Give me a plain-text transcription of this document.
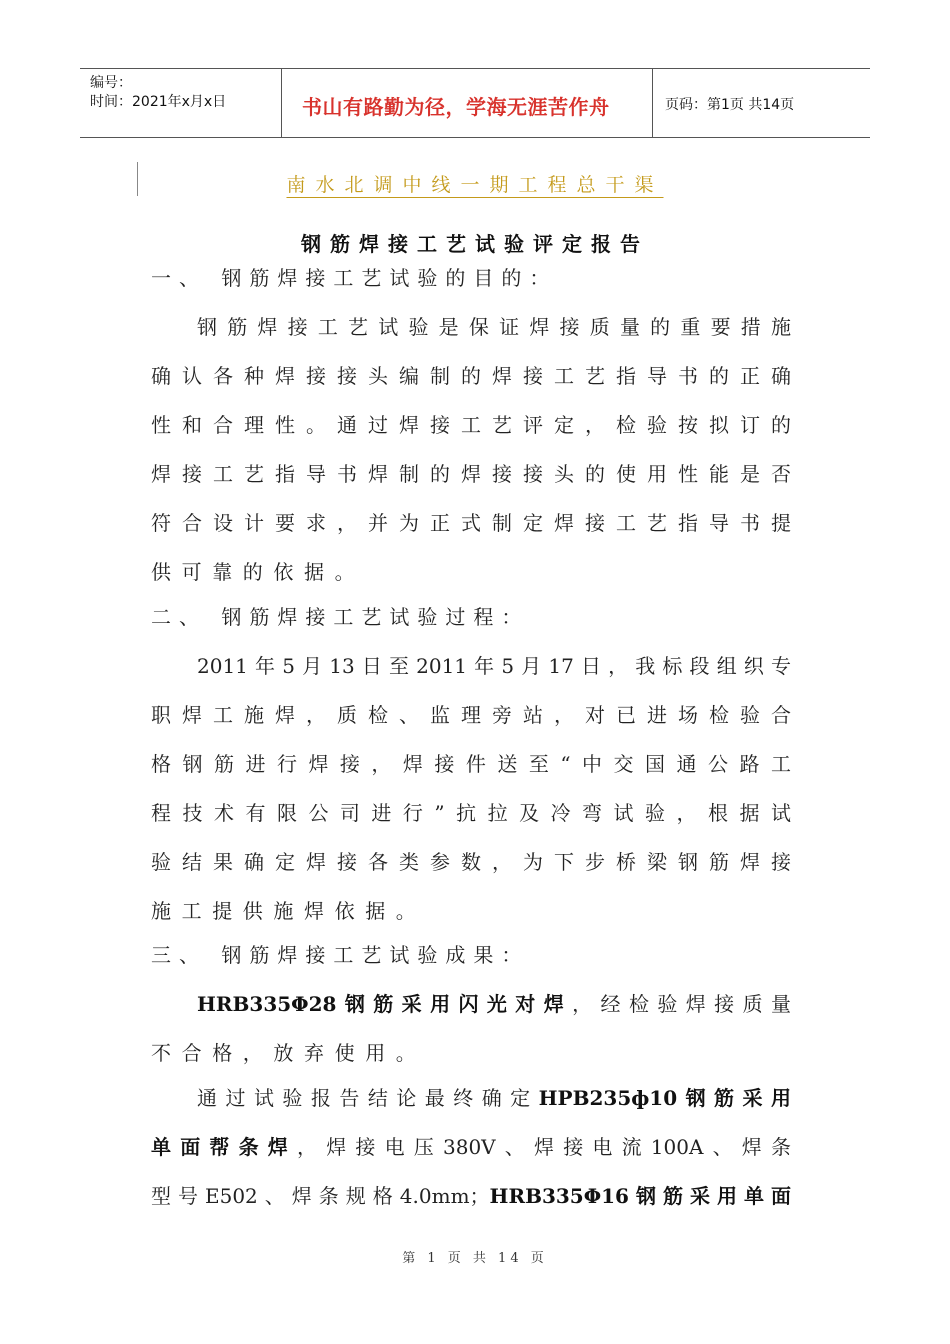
编号：
时间：2021年x月x日	书山有路勤为径，学海无涯苦作舟	页码：第1页 共14页
南水北调中线一期工程总干渠
钢筋焊接工艺试验评定报告
一、 钢筋焊接工艺试验的目的：
钢筋焊接工艺试验是保证焊接质量的重要措施
确认各种焊接接头编制的焊接工艺指导书的正确
性和合理性。通过焊接工艺评定，检验按拟订的
焊接工艺指导书焊制的焊接接头的使用性能是否
符合设计要求，并为正式制定焊接工艺指导书提
供可靠的依据。
二、 钢筋焊接工艺试验过程：
2011年5月13日至2011年5月17日，我标段组织专
职焊工施焊，质检、监理旁站，对已进场检验合
格钢筋进行焊接，焊接件送至“中交国通公路工
程技术有限公司进行”抗拉及冷弯试验，根据试
验结果确定焊接各类参数，为下步桥梁钢筋焊接
施工提供施焊依据。
三、 钢筋焊接工艺试验成果：
HRB335Φ28钢筋采用闪光对焊，经检验焊接质量
不合格，放弃使用。
通过试验报告结论最终确定HPB235ф10钢筋采用
单面帮条焊，焊接电压380V、焊接电流100A、焊条
型号E502、焊条规格4.0mm；HRB335Φ16钢筋采用单面
第 1 页 共 14 页
